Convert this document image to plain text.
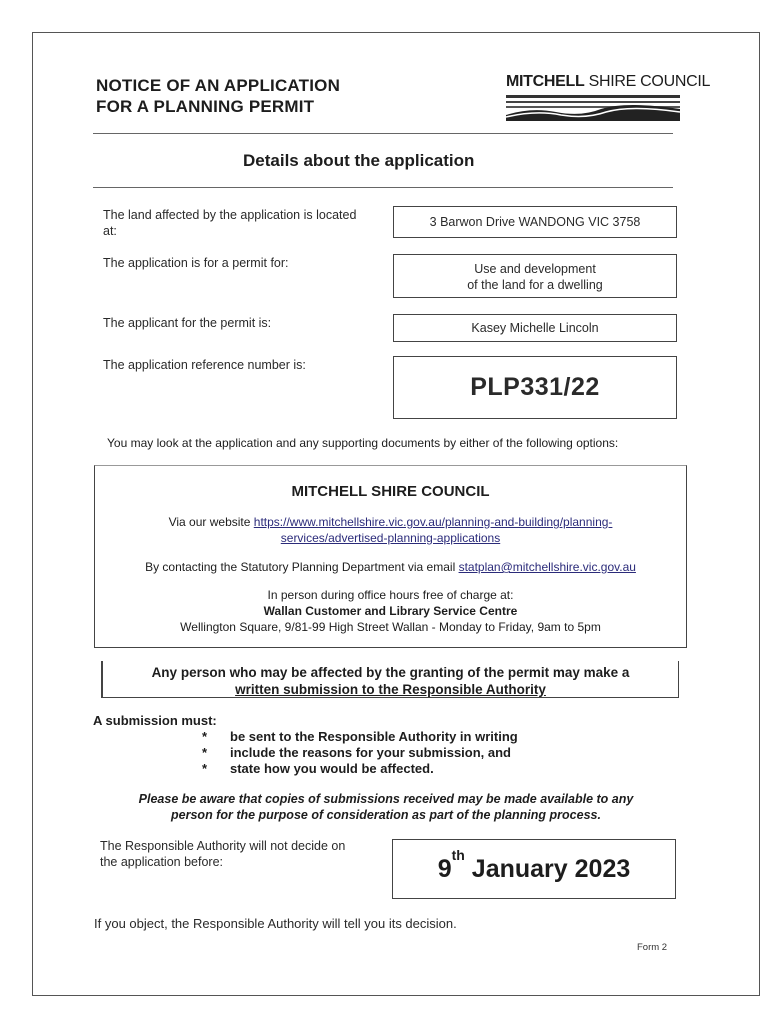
NOTICE OF AN APPLICATION
FOR A PLANNING PERMIT
MITCHELL SHIRE COUNCIL
Details about the application
The land affected by the application is located at:
3 Barwon Drive WANDONG VIC 3758
The application is for a permit for:	Use and development
of the land for a dwelling
The applicant for the permit is:	Kasey Michelle Lincoln
The application reference number is:
PLP331/22
You may look at the application and any supporting documents by either of the following options:
MITCHELL SHIRE COUNCIL
Via our website https://www.mitchellshire.vic.gov.au/planning-and-building/planning-
services/advertised-planning-applications
By contacting the Statutory Planning Department via email statplan@mitchellshire.vic.gov.au
In person during office hours free of charge at:
Wallan Customer and Library Service Centre
Wellington Square, 9/81-99 High Street Wallan - Monday to Friday, 9am to 5pm
Any person who may be affected by the granting of the permit may make a
written submission to the Responsible Authority
A submission must:
* be sent to the Responsible Authority in writing
* include the reasons for your submission, and
* state how you would be affected.
Please be aware that copies of submissions received may be made available to any
person for the purpose of consideration as part of the planning process.
The Responsible Authority will not decide on
the application before:	9th January 2023
If you object, the Responsible Authority will tell you its decision.
Form 2
